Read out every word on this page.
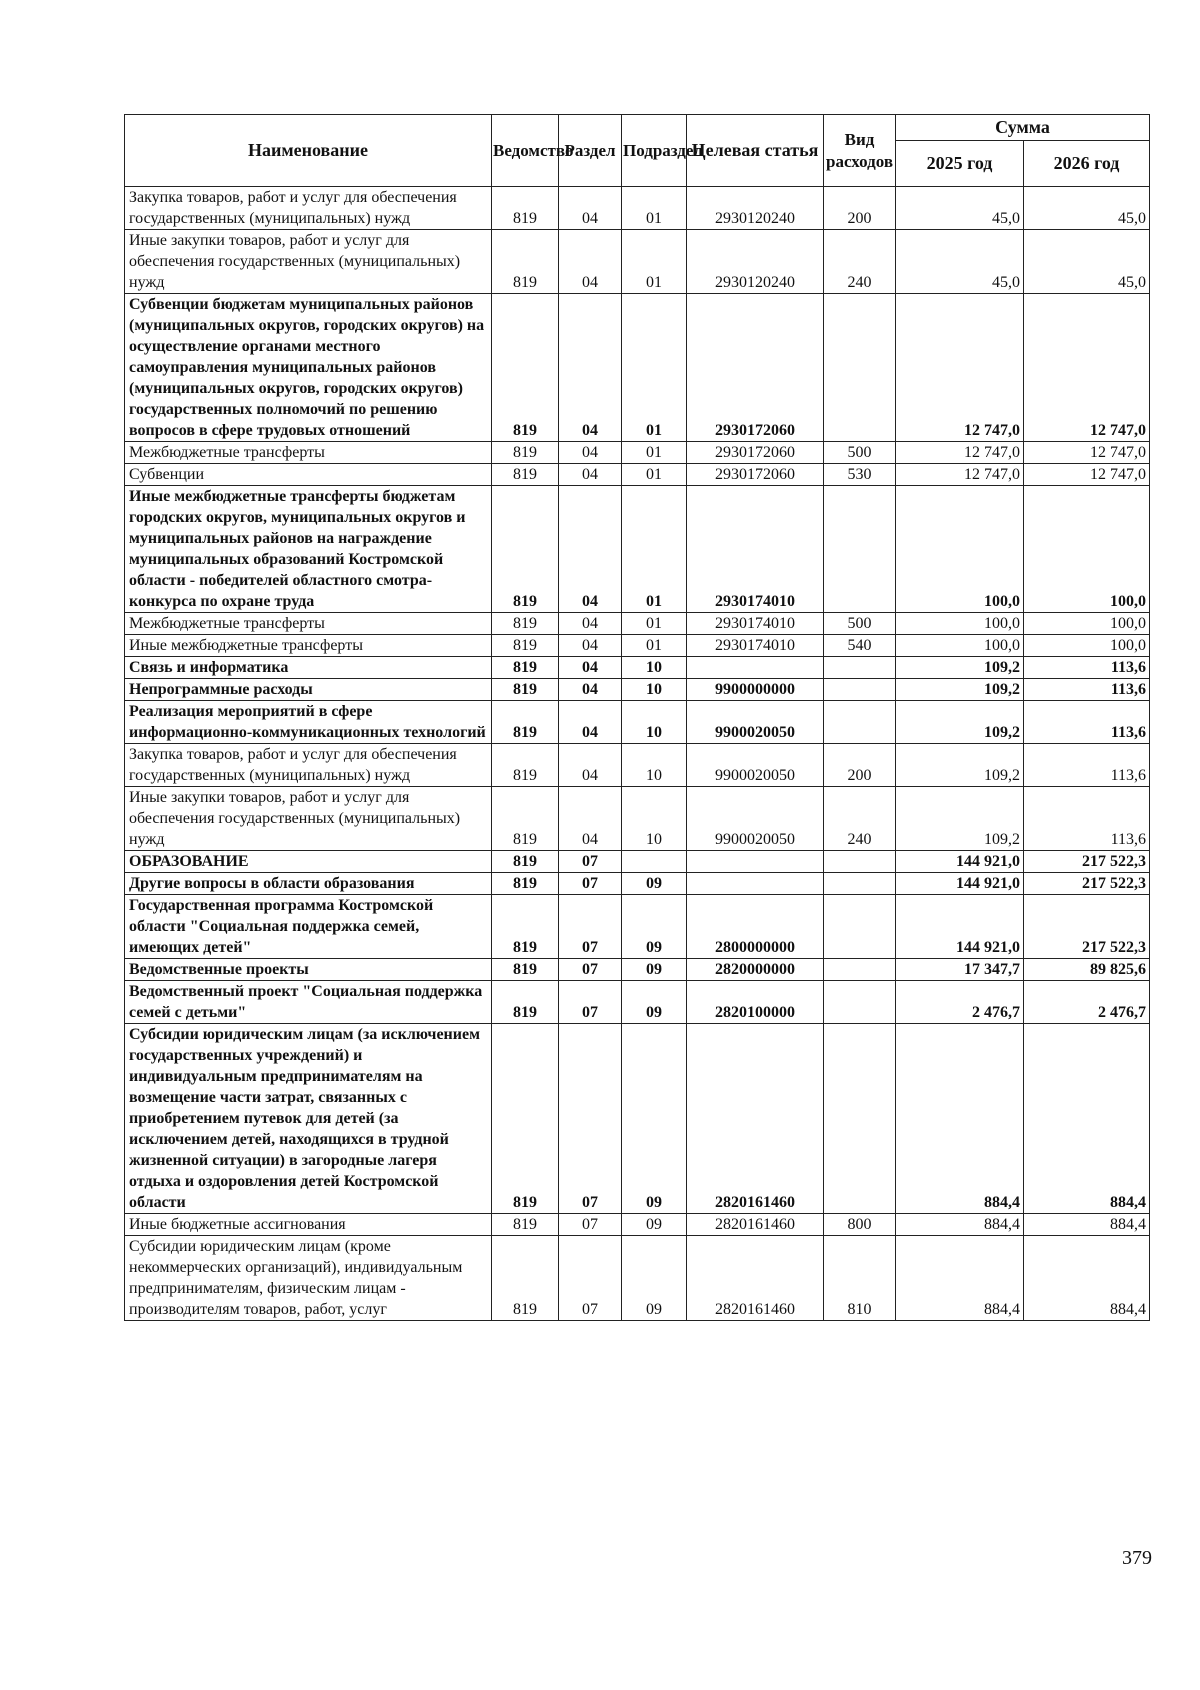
Наименование	Ведомство	Раздел	Подраздел	Целевая статья	Вид расходов	Сумма	
						2025 год	2026 год
Закупка товаров, работ и услуг для обеспечения государственных (муниципальных) нужд	819	04	01	2930120240	200	45,0	45,0
Иные закупки товаров, работ и услуг для обеспечения государственных (муниципальных) нужд	819	04	01	2930120240	240	45,0	45,0
Субвенции бюджетам муниципальных районов (муниципальных округов, городских округов) на осуществление органами местного самоуправления муниципальных районов (муниципальных округов, городских округов) государственных полномочий по решению вопросов в сфере трудовых отношений	819	04	01	2930172060		12 747,0	12 747,0
Межбюджетные трансферты	819	04	01	2930172060	500	12 747,0	12 747,0
Субвенции	819	04	01	2930172060	530	12 747,0	12 747,0
Иные межбюджетные трансферты бюджетам городских округов, муниципальных округов и муниципальных районов на награждение муниципальных образований Костромской области - победителей областного смотра-конкурса по охране труда	819	04	01	2930174010		100,0	100,0
Межбюджетные трансферты	819	04	01	2930174010	500	100,0	100,0
Иные межбюджетные трансферты	819	04	01	2930174010	540	100,0	100,0
Связь и информатика	819	04	10			109,2	113,6
Непрограммные расходы	819	04	10	9900000000		109,2	113,6
Реализация мероприятий в сфере информационно-коммуникационных технологий	819	04	10	9900020050		109,2	113,6
Закупка товаров, работ и услуг для обеспечения государственных (муниципальных) нужд	819	04	10	9900020050	200	109,2	113,6
Иные закупки товаров, работ и услуг для обеспечения государственных (муниципальных) нужд	819	04	10	9900020050	240	109,2	113,6
ОБРАЗОВАНИЕ	819	07				144 921,0	217 522,3
Другие вопросы в области образования	819	07	09			144 921,0	217 522,3
Государственная программа Костромской области "Социальная поддержка семей, имеющих детей"	819	07	09	2800000000		144 921,0	217 522,3
Ведомственные проекты	819	07	09	2820000000		17 347,7	89 825,6
Ведомственный проект "Социальная поддержка семей с детьми"	819	07	09	2820100000		2 476,7	2 476,7
Субсидии юридическим лицам (за исключением государственных учреждений) и индивидуальным предпринимателям на возмещение части затрат, связанных с приобретением путевок для детей (за исключением детей, находящихся в трудной жизненной ситуации) в загородные лагеря отдыха и оздоровления детей Костромской области	819	07	09	2820161460		884,4	884,4
Иные бюджетные ассигнования	819	07	09	2820161460	800	884,4	884,4
Субсидии юридическим лицам (кроме некоммерческих организаций), индивидуальным предпринимателям, физическим лицам - производителям товаров, работ, услуг	819	07	09	2820161460	810	884,4	884,4
379
